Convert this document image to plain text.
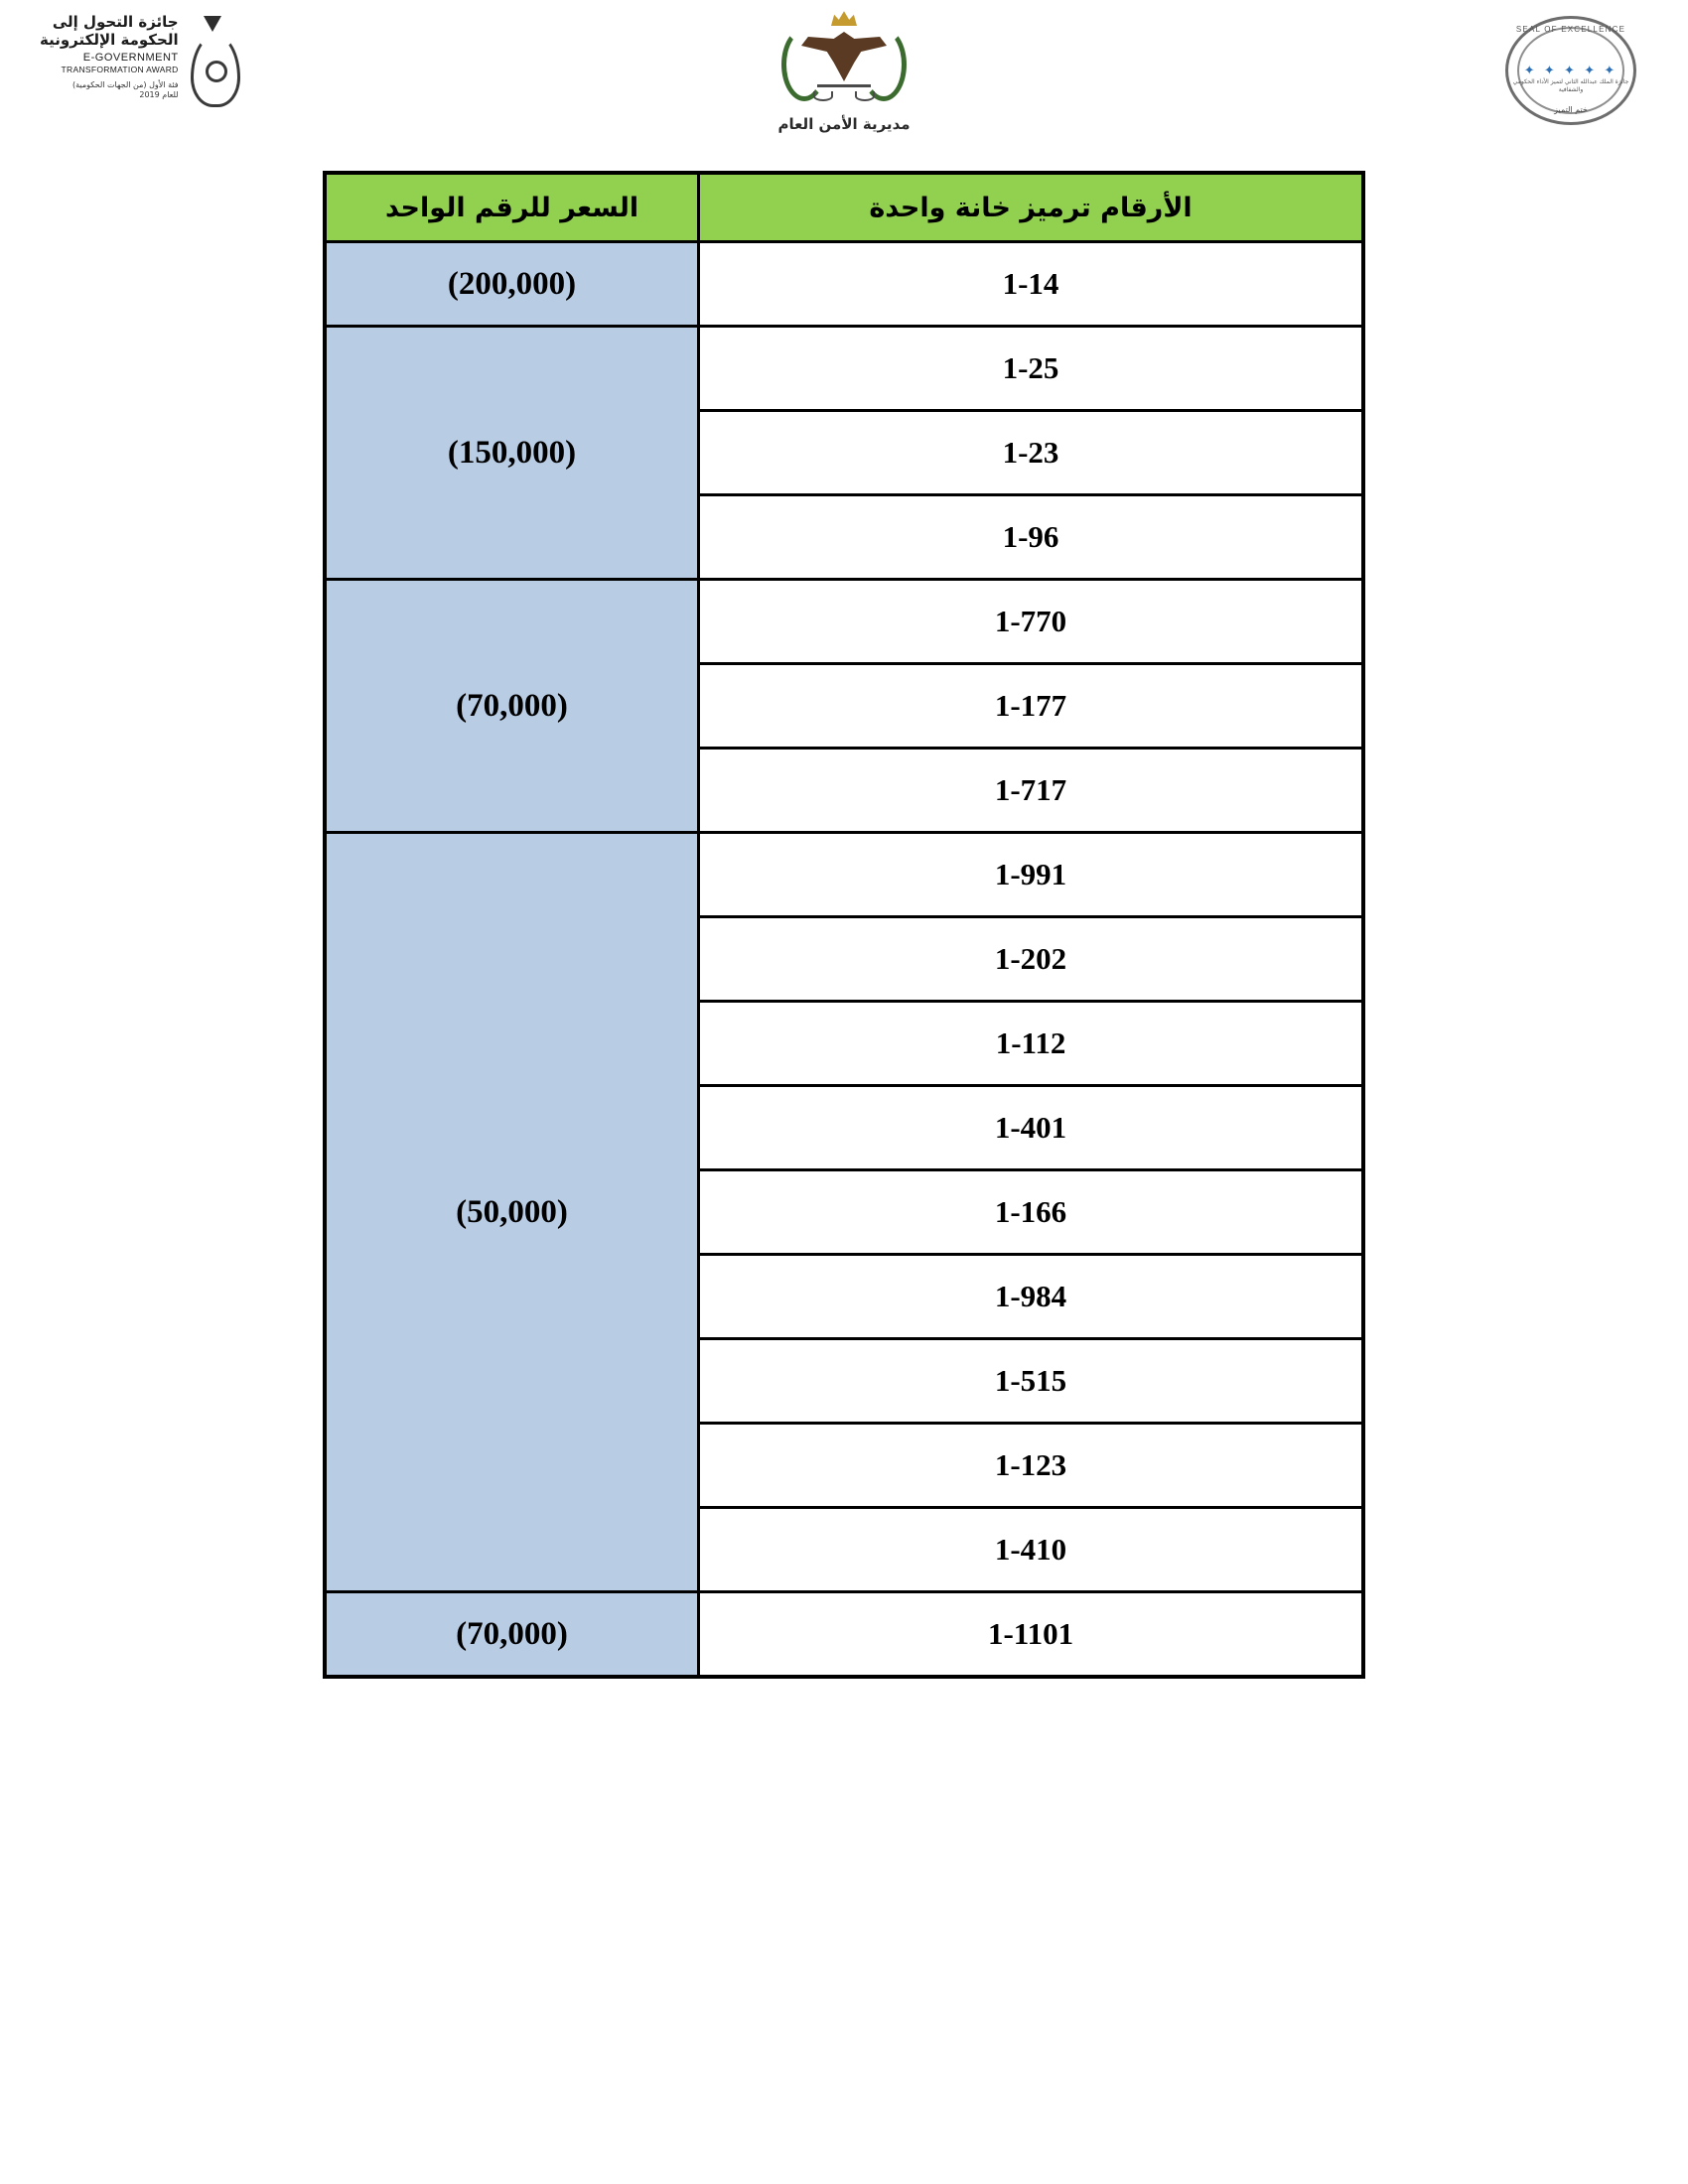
جائزة التحول إلى
الحكومة الإلكترونية
E-GOVERNMENT
TRANSFORMATION AWARD
فئة الأول (من الجهات الحكومية)
للعام 2019
مديرية الأمن العام
SEAL OF EXCELLENCE
✦ ✦ ✦ ✦ ✦
جائزة الملك عبدالله الثاني لتميز الأداء الحكومي والشفافية
ختم التميز
الأرقام ترميز خانة واحدة	السعر للرقم الواحد
1-14	(200,000)
1-25	(150,000)
1-23	
1-96	
1-770	(70,000)
1-177	
1-717	
1-991	(50,000)
1-202	
1-112	
1-401	
1-166	
1-984	
1-515	
1-123	
1-410	
1-1101	(70,000)
